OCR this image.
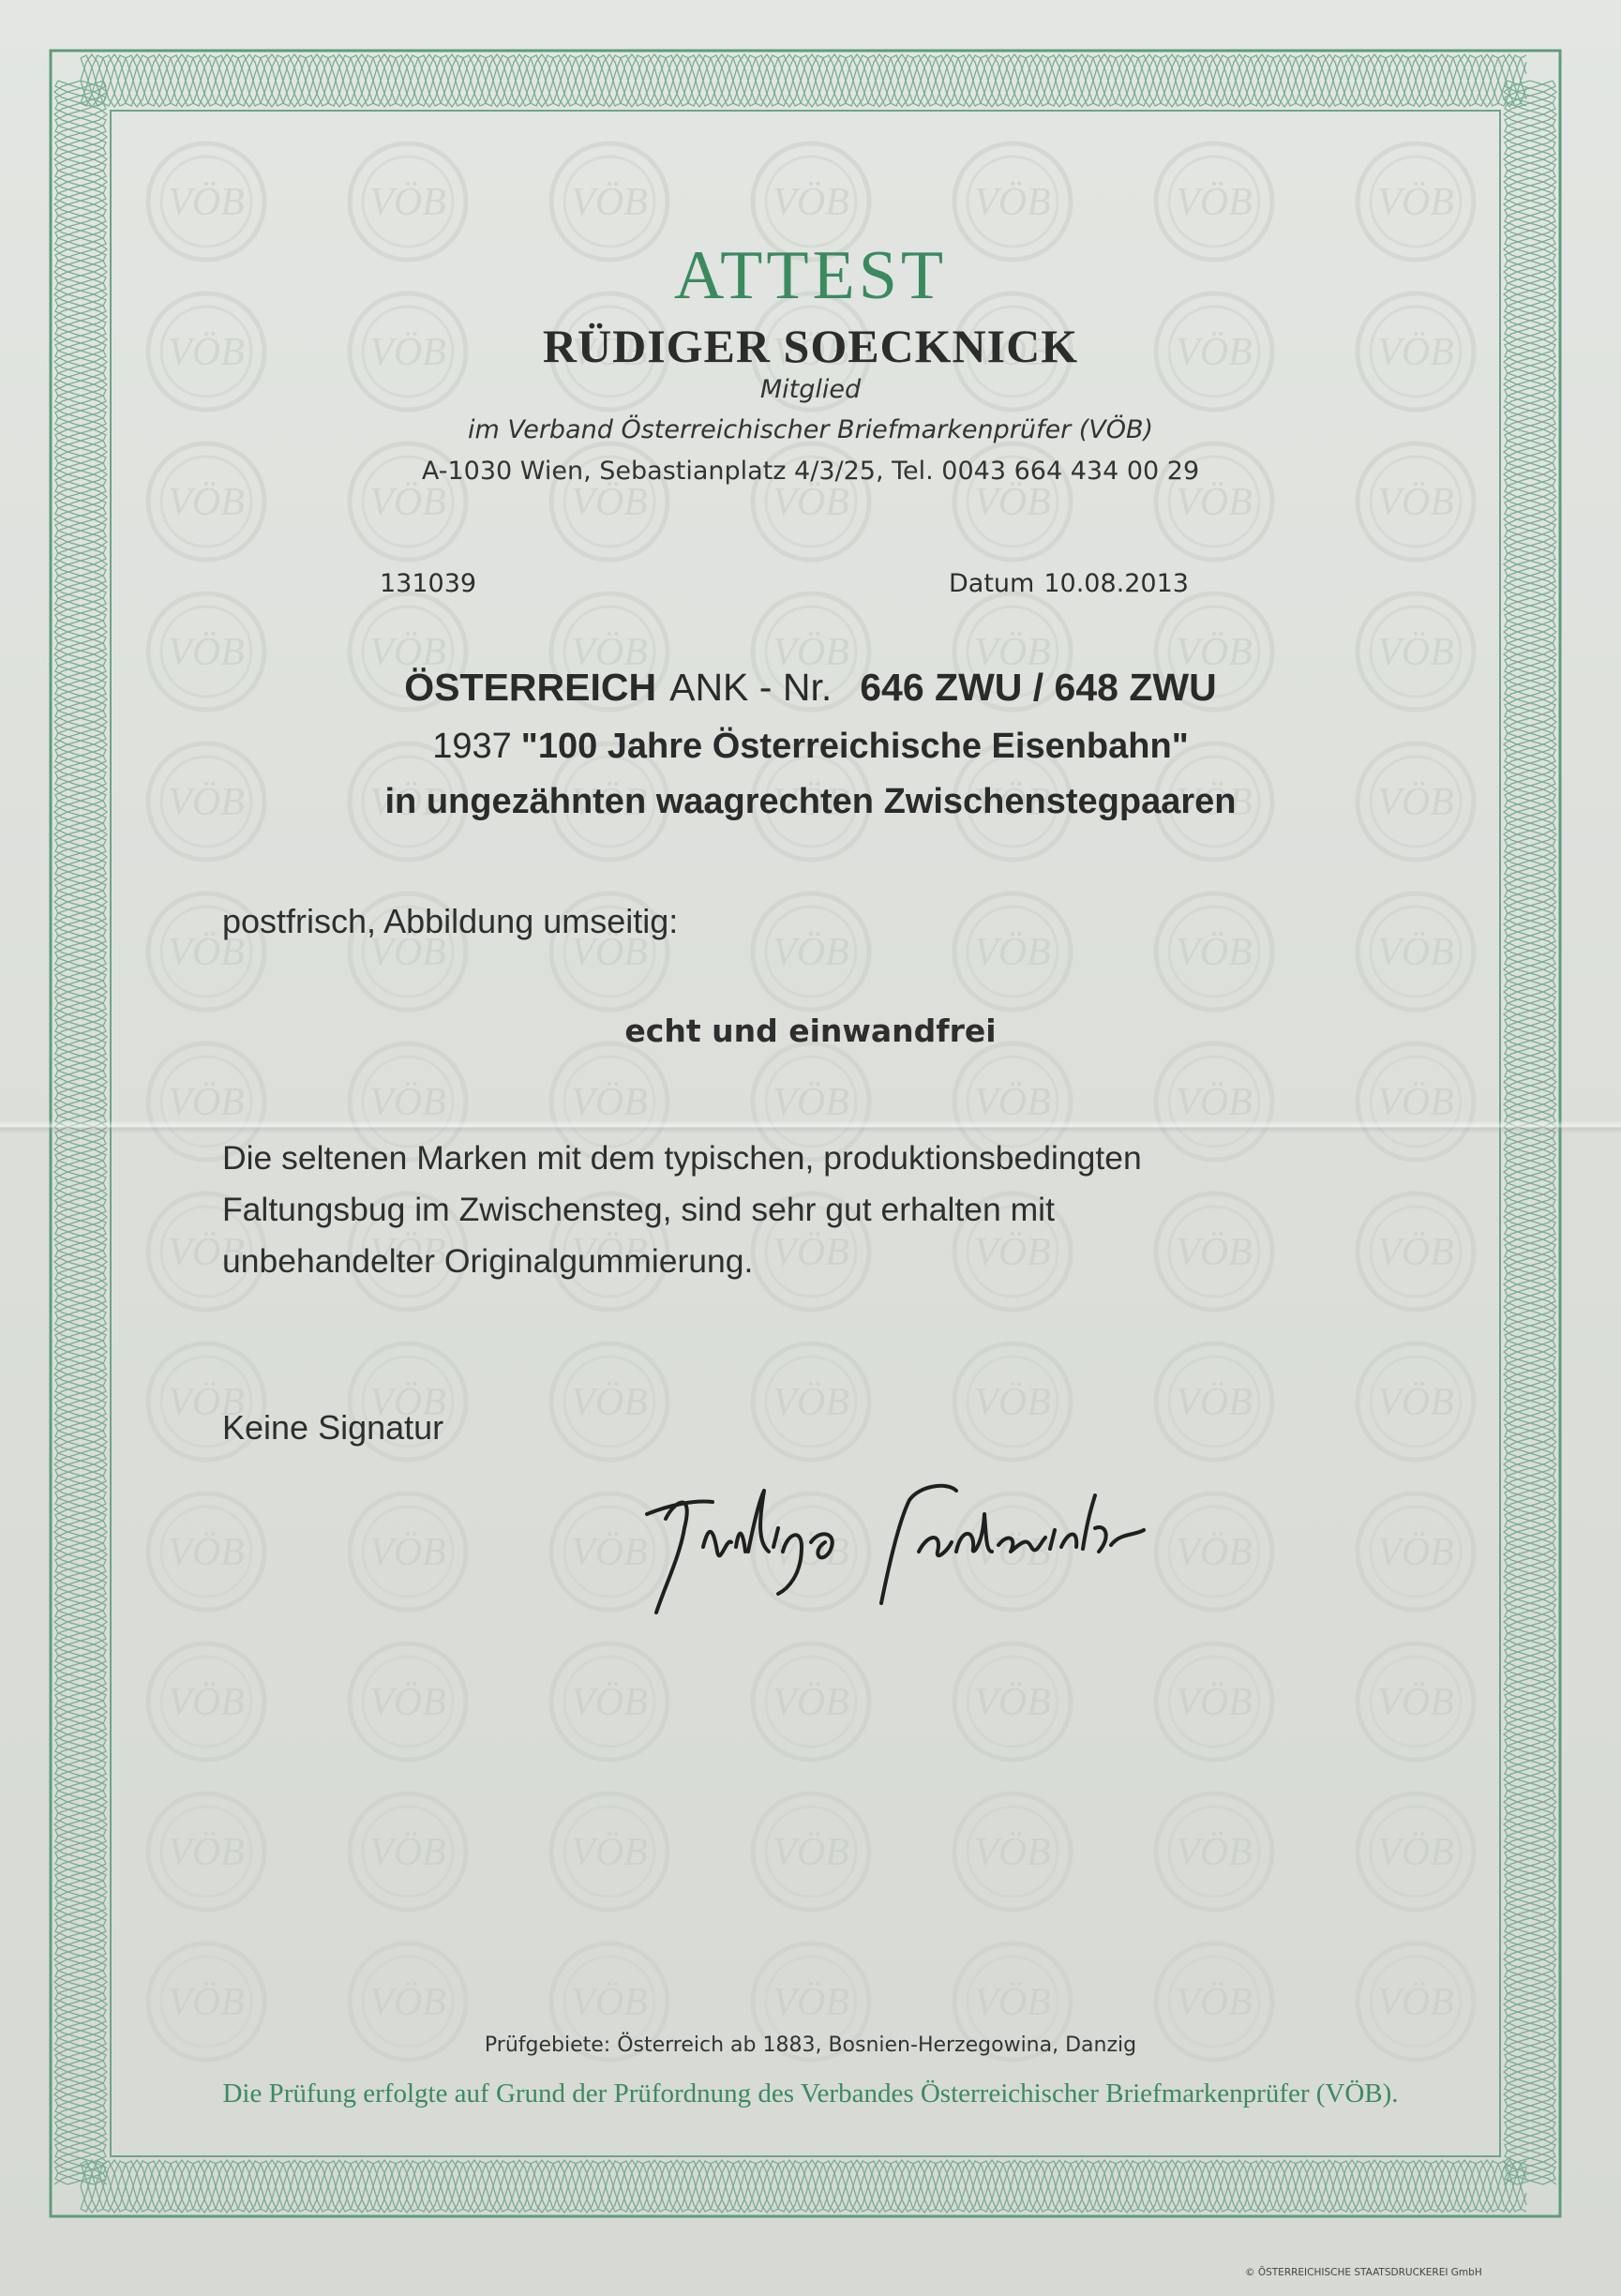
VÖB
ATTEST
RÜDIGER SOECKNICK
Mitglied
im Verband Österreichischer Briefmarkenprüfer (VÖB)
A-1030 Wien, Sebastianplatz 4/3/25, Tel. 0043 664 434 00 29
131039	Datum 10.08.2013
ÖSTERREICH ANK - Nr. 646 ZWU / 648 ZWU
1937 "100 Jahre Österreichische Eisenbahn"
in ungezähnten waagrechten Zwischenstegpaaren
postfrisch, Abbildung umseitig:
echt und einwandfrei
Die seltenen Marken mit dem typischen, produktionsbedingten
Faltungsbug im Zwischensteg, sind sehr gut erhalten mit
unbehandelter Originalgummierung.
Keine Signatur
Prüfgebiete: Österreich ab 1883, Bosnien-Herzegowina, Danzig
Die Prüfung erfolgte auf Grund der Prüfordnung des Verbandes Österreichischer Briefmarkenprüfer (VÖB).
© ÖSTERREICHISCHE STAATSDRUCKEREI GmbH
